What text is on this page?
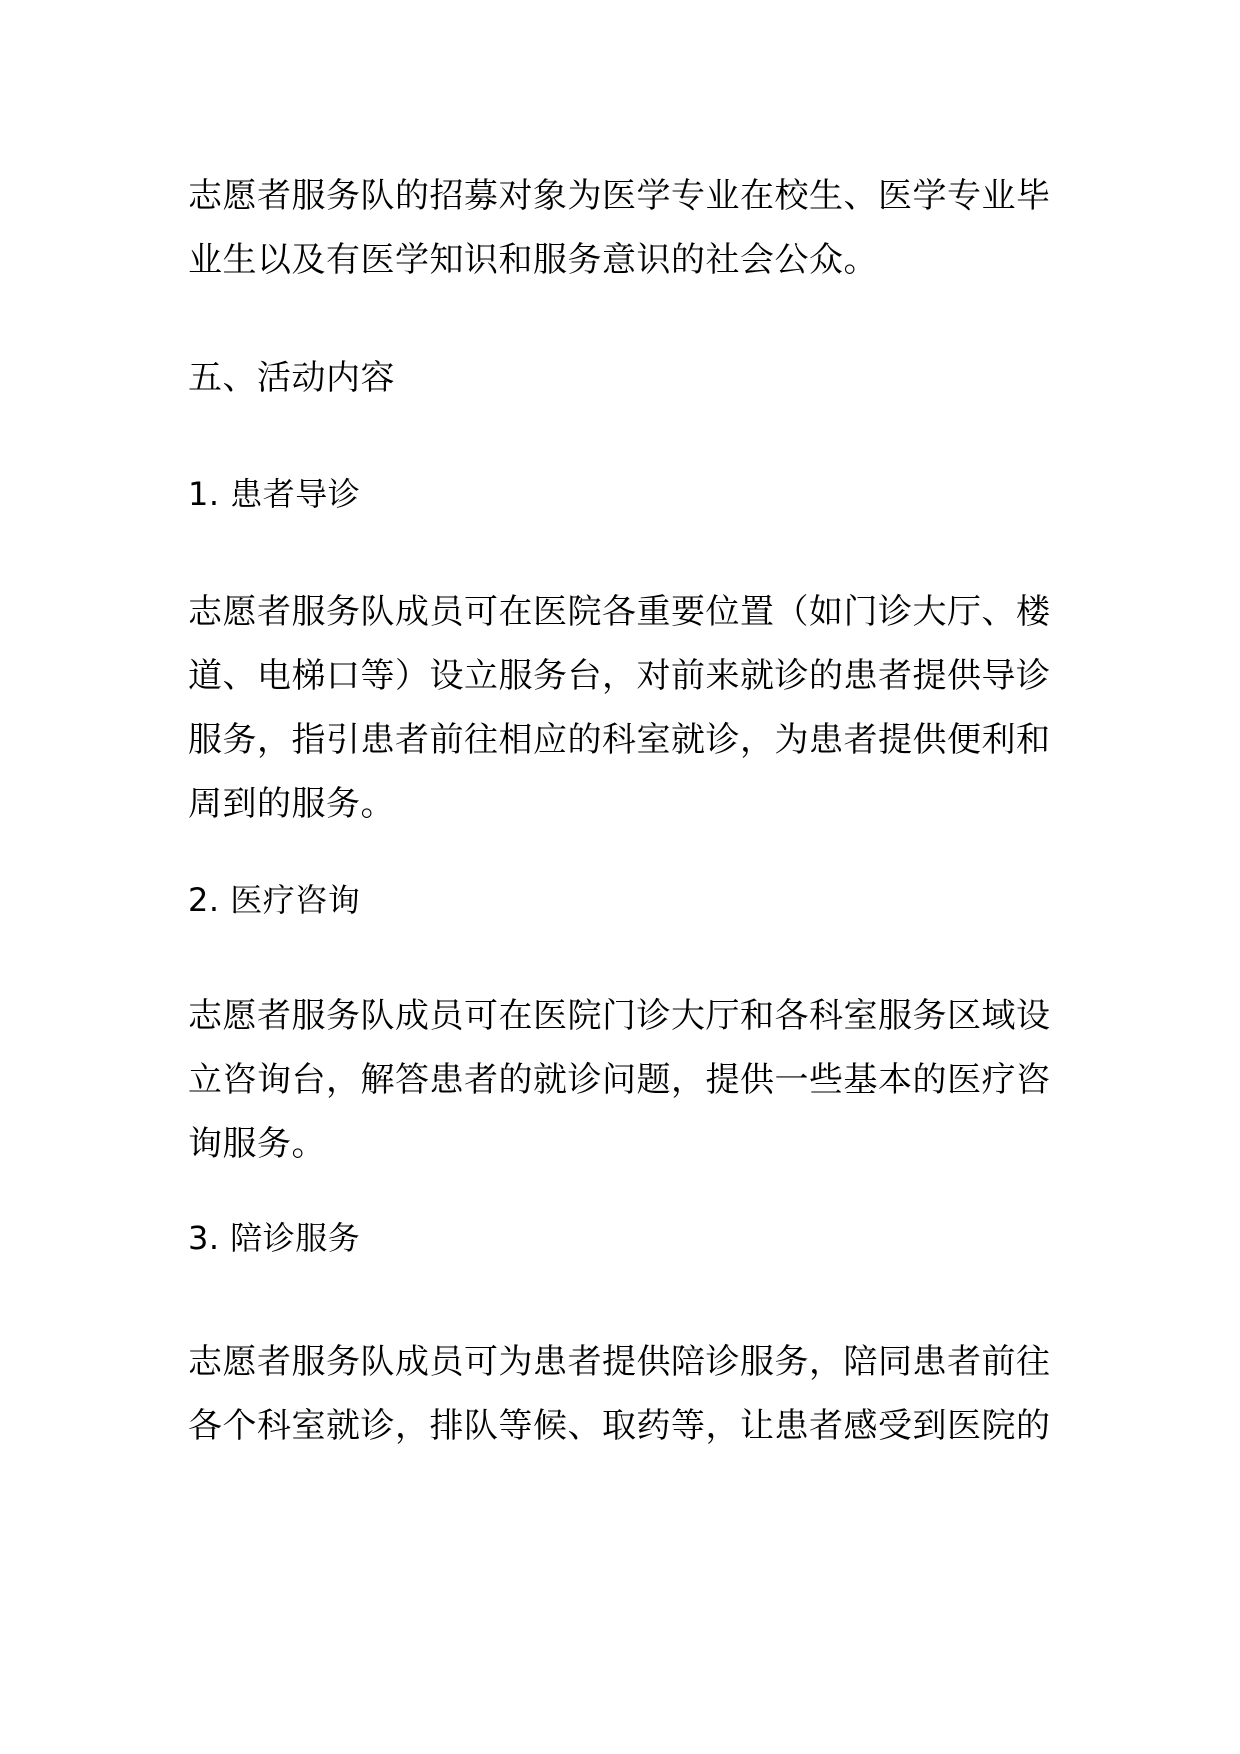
志愿者服务队的招募对象为医学专业在校生、医学专业毕
业生以及有医学知识和服务意识的社会公众。
五、活动内容
1. 患者导诊
志愿者服务队成员可在医院各重要位置（如门诊大厅、楼
道、电梯口等）设立服务台，对前来就诊的患者提供导诊
服务，指引患者前往相应的科室就诊，为患者提供便利和
周到的服务。
2. 医疗咨询
志愿者服务队成员可在医院门诊大厅和各科室服务区域设
立咨询台，解答患者的就诊问题，提供一些基本的医疗咨
询服务。
3. 陪诊服务
志愿者服务队成员可为患者提供陪诊服务，陪同患者前往
各个科室就诊，排队等候、取药等，让患者感受到医院的
